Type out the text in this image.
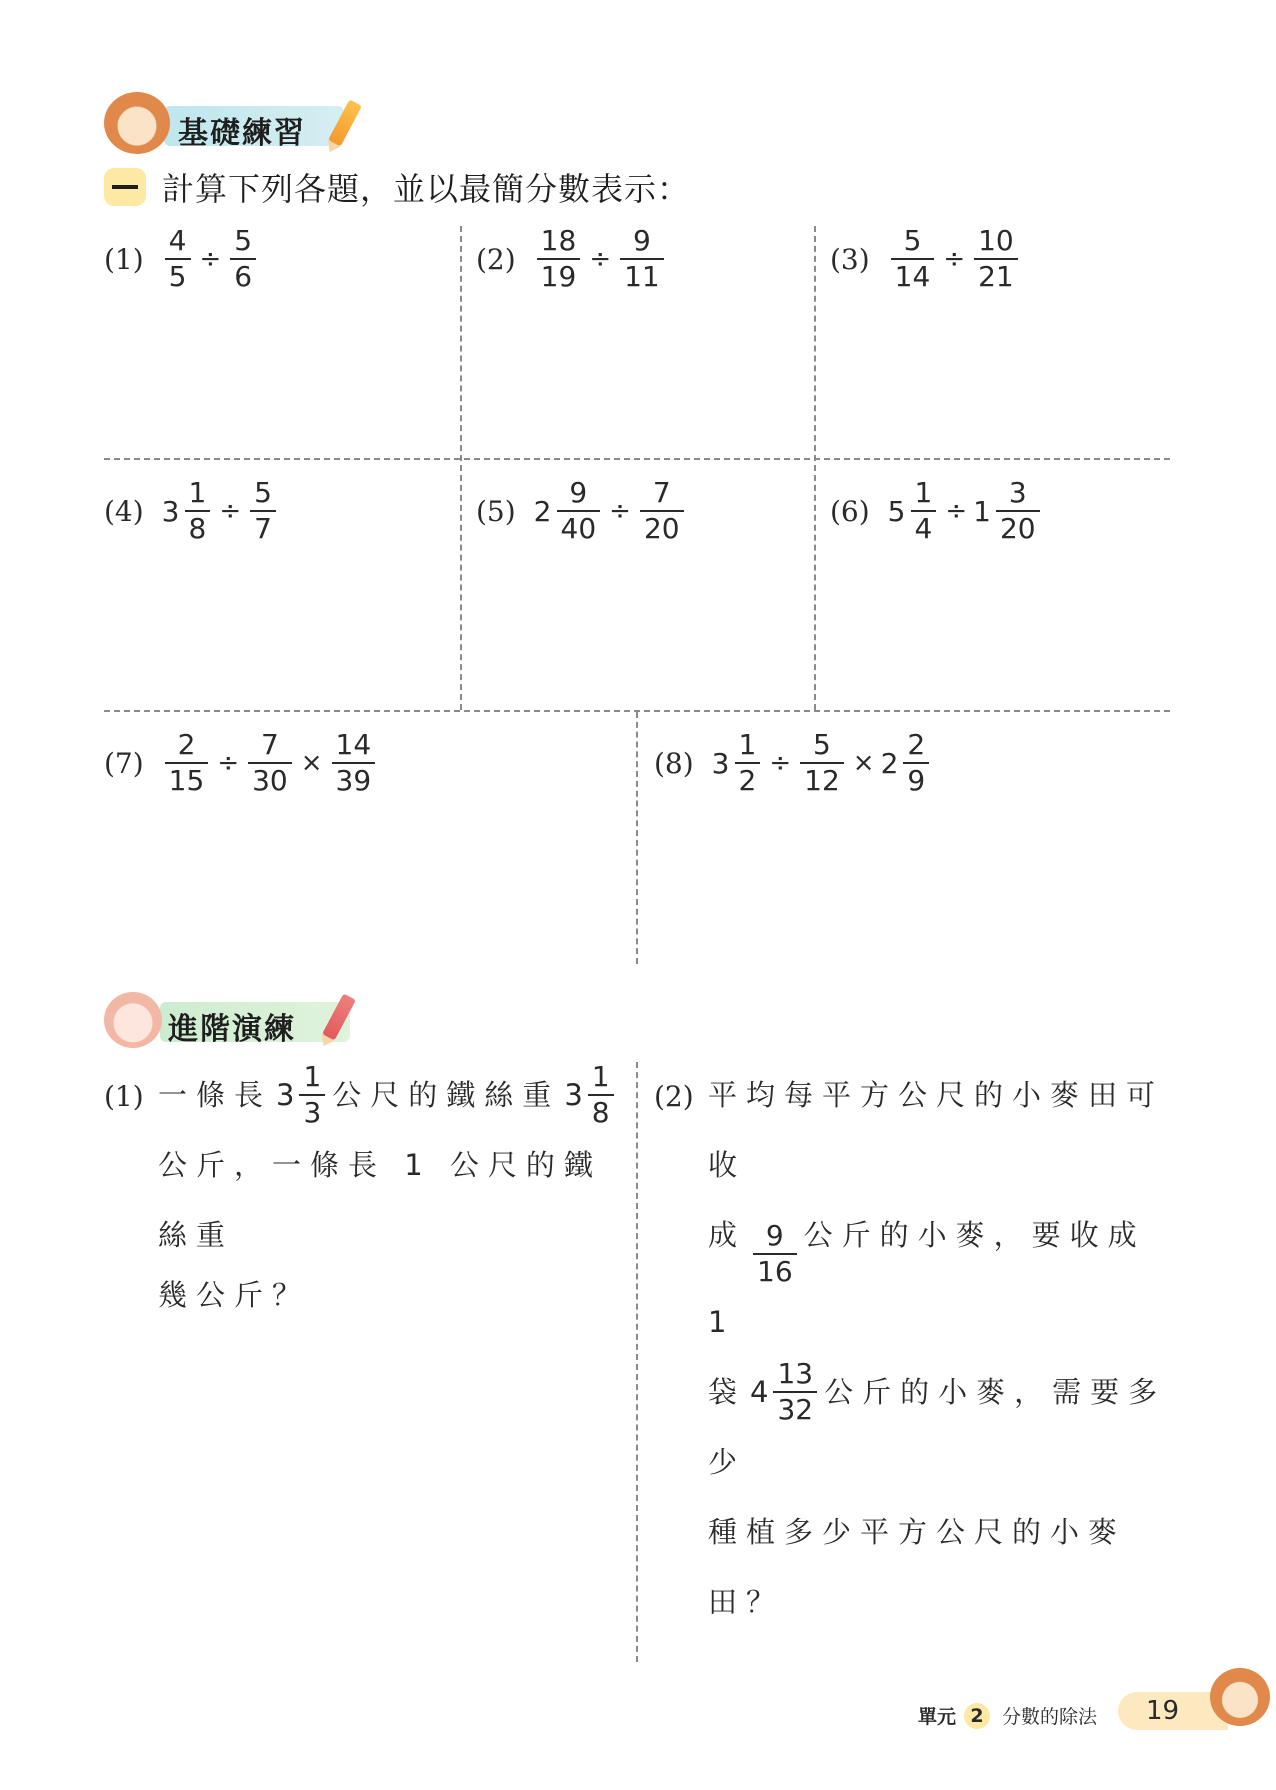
基礎練習
計算下列各題，並以最簡分數表示：
$(1) \frac{4}{5} \div \frac{5}{6}$	$(2) \frac{18}{19} \div \frac{9}{11}$	$(3) \frac{5}{14} \div \frac{10}{21}$
(4) $3 \frac{1}{8} \div \frac{5}{7}$	(5) $2 \frac{9}{40} \div \frac{7}{20}$	(6) $5 \frac{1}{4} \div 1 \frac{3}{20}$
$(7) \frac{2}{15} \div \frac{7}{30} \times \frac{14}{39}$	(8) $3 \frac{1}{2} \div \frac{5}{12} \times 2 \frac{2}{9}$
進階演練
(1) 一條長 $3 \frac{1}{3}$ 公尺的鐵絲重 $3 \frac{1}{8}$
公斤，一條長 1 公尺的鐵絲重
幾公斤？
(2) 平均每平方公尺的小麥田可收
成 $\frac{9}{16}$ 公斤的小麥，要收成 1
袋 $4 \frac{13}{32}$ 公斤的小麥，需要多少
種植多少平方公尺的小麥田？
單元 2 分數的除法	19
